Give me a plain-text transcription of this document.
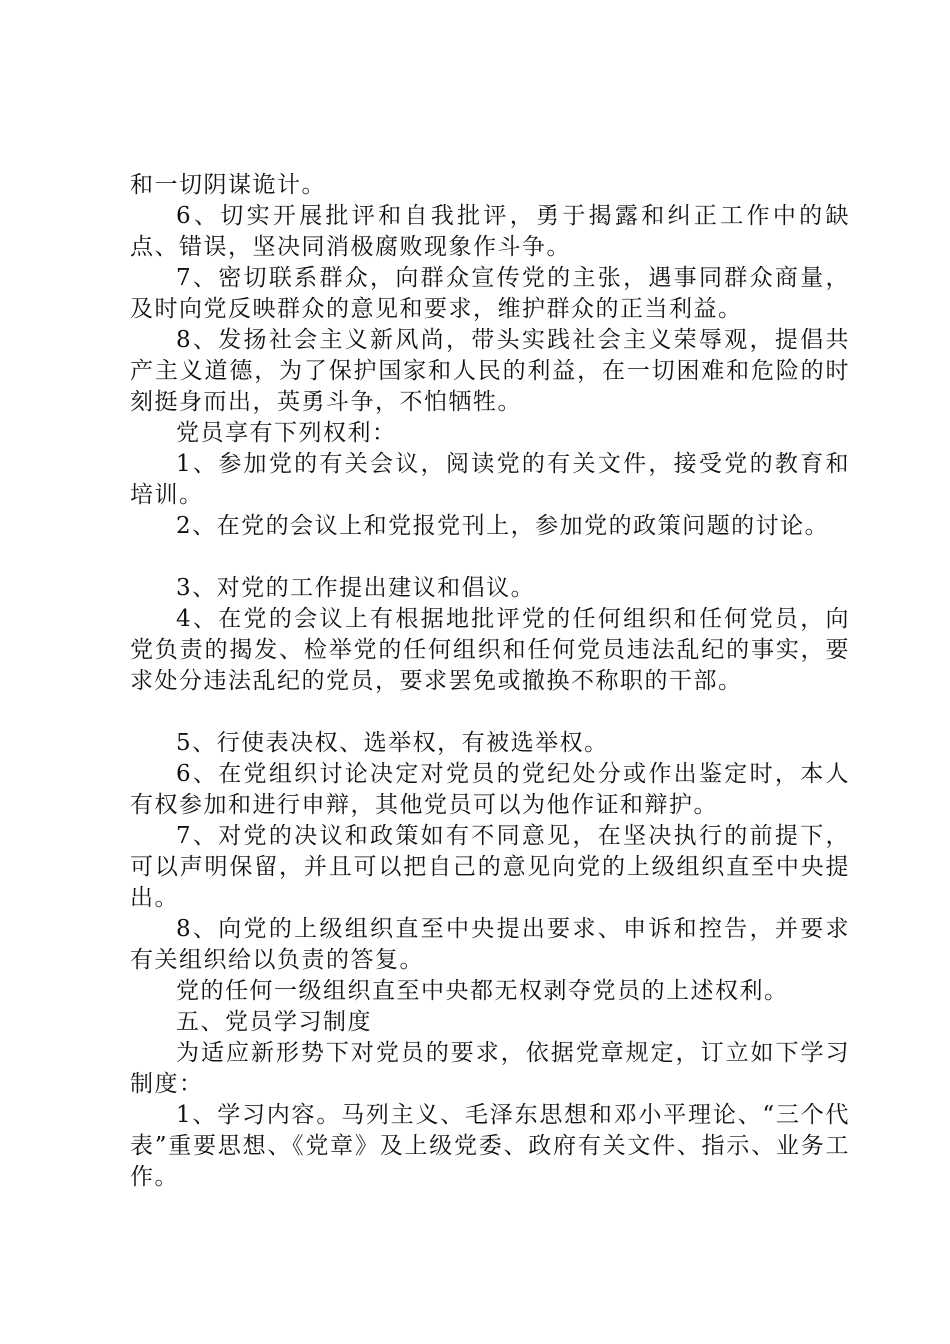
和一切阴谋诡计。

6、切实开展批评和自我批评，勇于揭露和纠正工作中的缺点、错误，坚决同消极腐败现象作斗争。

7、密切联系群众，向群众宣传党的主张，遇事同群众商量，及时向党反映群众的意见和要求，维护群众的正当利益。

8、发扬社会主义新风尚，带头实践社会主义荣辱观，提倡共产主义道德，为了保护国家和人民的利益，在一切困难和危险的时刻挺身而出，英勇斗争，不怕牺牲。

党员享有下列权利：

1、参加党的有关会议，阅读党的有关文件，接受党的教育和培训。

2、在党的会议上和党报党刊上，参加党的政策问题的讨论。

3、对党的工作提出建议和倡议。

4、在党的会议上有根据地批评党的任何组织和任何党员，向党负责的揭发、检举党的任何组织和任何党员违法乱纪的事实，要求处分违法乱纪的党员，要求罢免或撤换不称职的干部。

5、行使表决权、选举权，有被选举权。

6、在党组织讨论决定对党员的党纪处分或作出鉴定时，本人有权参加和进行申辩，其他党员可以为他作证和辩护。

7、对党的决议和政策如有不同意见，在坚决执行的前提下，可以声明保留，并且可以把自己的意见向党的上级组织直至中央提出。

8、向党的上级组织直至中央提出要求、申诉和控告，并要求有关组织给以负责的答复。

党的任何一级组织直至中央都无权剥夺党员的上述权利。

五、党员学习制度

为适应新形势下对党员的要求，依据党章规定，订立如下学习制度：

1、学习内容。马列主义、毛泽东思想和邓小平理论、“三个代表”重要思想、《党章》及上级党委、政府有关文件、指示、业务工作。
